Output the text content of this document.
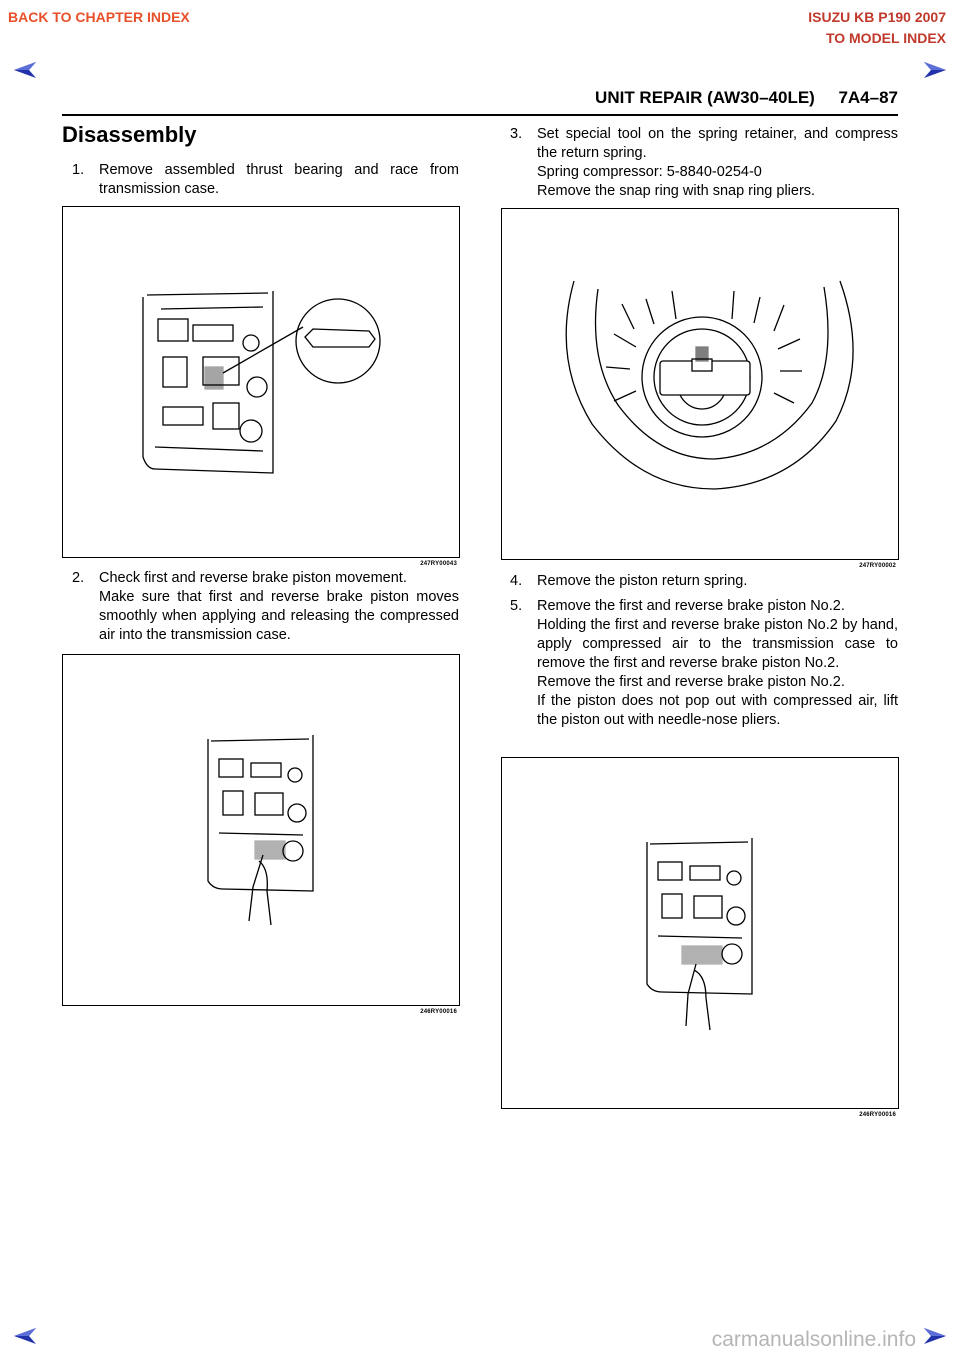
BACK TO CHAPTER INDEX	ISUZU KB P190 2007
TO MODEL INDEX
UNIT REPAIR (AW30–40LE)     7A4–87
Disassembly
1. Remove assembled thrust bearing and race from transmission case.
247RY00043
2. Check first and reverse brake piston movement.
Make sure that first and reverse brake piston moves smoothly when applying and releasing the compressed air into the transmission case.
246RY00016
3. Set special tool on the spring retainer, and compress the return spring.
Spring compressor: 5-8840-0254-0
Remove the snap ring with snap ring pliers.
247RY00002
4. Remove the piston return spring.
5. Remove the first and reverse brake piston No.2.
Holding the first and reverse brake piston No.2 by hand, apply compressed air to the transmission case to remove the first and reverse brake piston No.2.
Remove the first and reverse brake piston No.2.
If the piston does not pop out with compressed air, lift the piston out with needle-nose pliers.
246RY00016
carmanualsonline.info
